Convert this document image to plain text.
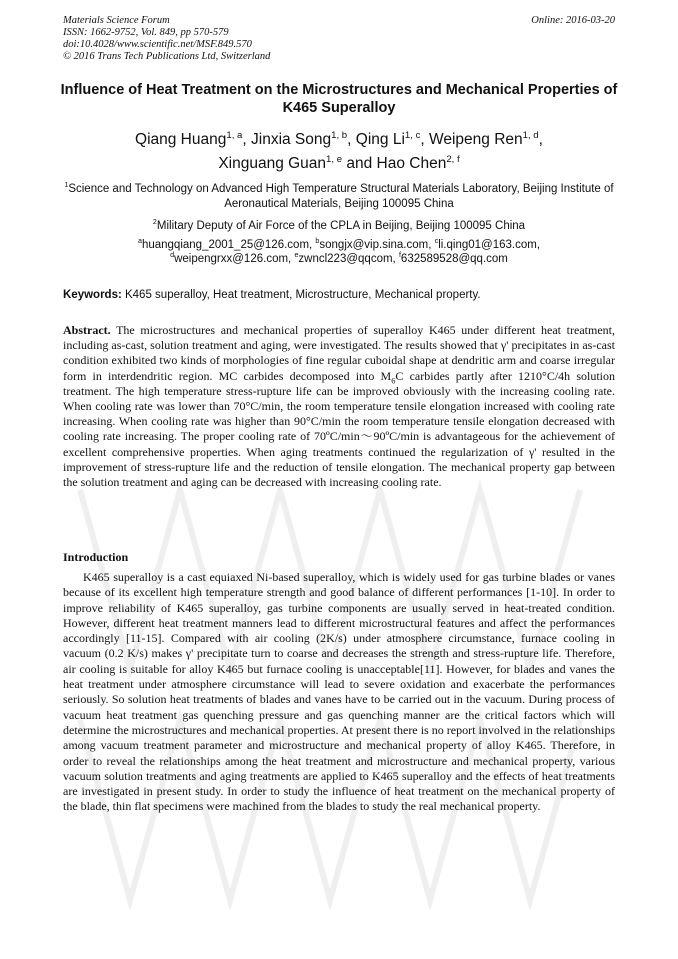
Materials Science Forum
ISSN: 1662-9752, Vol. 849, pp 570-579
doi:10.4028/www.scientific.net/MSF.849.570
© 2016 Trans Tech Publications Ltd, Switzerland
Online: 2016-03-20
Influence of Heat Treatment on the Microstructures and Mechanical Properties of K465 Superalloy
Qiang Huang$^{1, a}$, Jinxia Song$^{1, b}$, Qing Li$^{1, c}$, Weipeng Ren$^{1, d}$,
Xinguang Guan$^{1, e}$ and Hao Chen$^{2, f}$
$^1$Science and Technology on Advanced High Temperature Structural Materials Laboratory, Beijing Institute of Aeronautical Materials, Beijing 100095 China
$^2$Military Deputy of Air Force of the CPLA in Beijing, Beijing 100095 China
$^a$huangqiang_2001_25@126.com, $^b$songjx@vip.sina.com, $^c$li.qing01@163.com,
$^d$weipengrxx@126.com, $^e$zwncl223@qqcom, $^f$632589528@qq.com
Keywords: K465 superalloy, Heat treatment, Microstructure, Mechanical property.

Abstract. The microstructures and mechanical properties of superalloy K465 under different heat treatment, including as-cast, solution treatment and aging, were investigated. The results showed that γ' precipitates in as-cast condition exhibited two kinds of morphologies of fine regular cuboidal shape at dendritic arm and coarse irregular form in interdendritic region. MC carbides decomposed into $M_6C$ carbides partly after 1210°C/4h solution treatment. The high temperature stress-rupture life can be improved obviously with the increasing cooling rate. When cooling rate was lower than 70°C/min, the room temperature tensile elongation increased with cooling rate increasing. When cooling rate was higher than 90°C/min the room temperature tensile elongation decreased with cooling rate increasing. The proper cooling rate of 70ºC/min～90ºC/min is advantageous for the achievement of excellent comprehensive properties. When aging treatments continued the regularization of γ' resulted in the improvement of stress-rupture life and the reduction of tensile elongation. The mechanical property gap between the solution treatment and aging can be decreased with increasing cooling rate.

Introduction

K465 superalloy is a cast equiaxed Ni-based superalloy, which is widely used for gas turbine blades or vanes because of its excellent high temperature strength and good balance of different performances [1-10]. In order to improve reliability of K465 superalloy, gas turbine components are usually served in heat-treated condition. However, different heat treatment manners lead to different microstructural features and affect the performances accordingly [11-15]. Compared with air cooling (2K/s) under atmosphere circumstance, furnace cooling in vacuum (0.2 K/s) makes γ' precipitate turn to coarse and decreases the strength and stress-rupture life. Therefore, air cooling is suitable for alloy K465 but furnace cooling is unacceptable[11]. However, for blades and vanes the heat treatment under atmosphere circumstance will lead to severe oxidation and exacerbate the performances seriously. So solution heat treatments of blades and vanes have to be carried out in the vacuum. During process of vacuum heat treatment gas quenching pressure and gas quenching manner are the critical factors which will determine the microstructures and mechanical properties. At present there is no report involved in the relationships among vacuum treatment parameter and microstructure and mechanical property of alloy K465. Therefore, in order to reveal the relationships among the heat treatment and microstructure and mechanical property, various vacuum solution treatments and aging treatments are applied to K465 superalloy and the effects of heat treatments are investigated in present study. In order to study the influence of heat treatment on the mechanical property of the blade, thin flat specimens were machined from the blades to study the real mechanical property.
